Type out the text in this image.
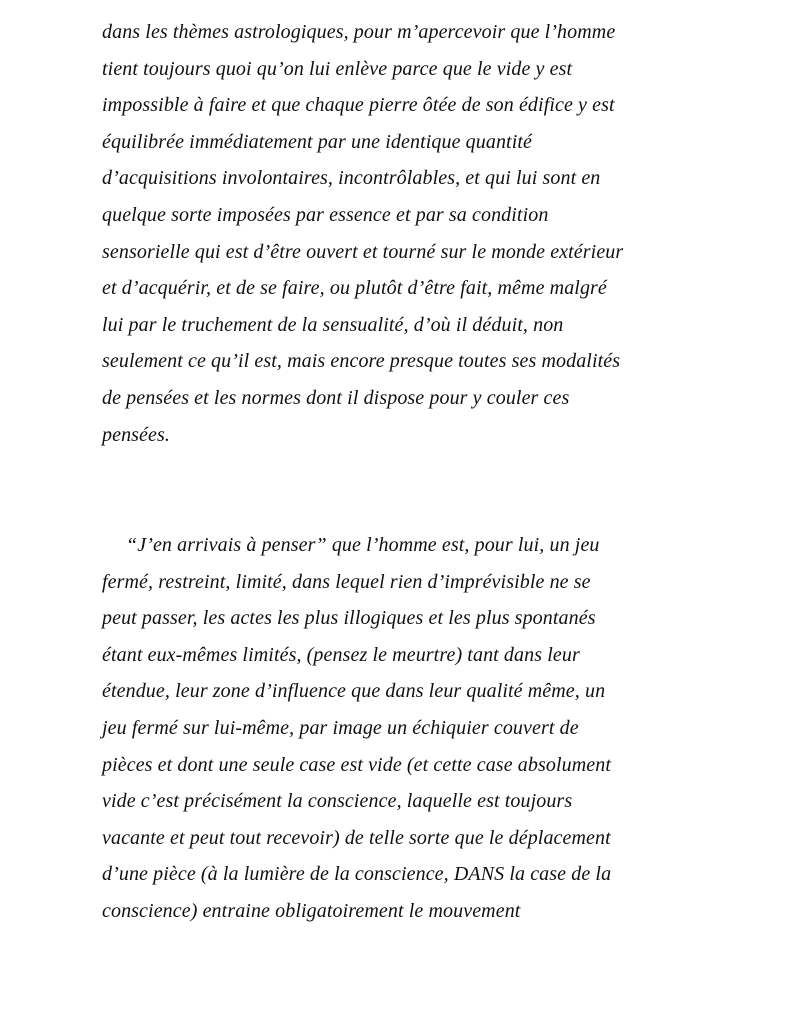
dans les thèmes astrologiques, pour m’apercevoir que l’homme
tient toujours quoi qu’on lui enlève parce que le vide y est
impossible à faire et que chaque pierre ôtée de son édifice y est
équilibrée immédiatement par une identique quantité
d’acquisitions involontaires, incontrôlables, et qui lui sont en
quelque sorte imposées par essence et par sa condition
sensorielle qui est d’être ouvert et tourné sur le monde extérieur
et d’acquérir, et de se faire, ou plutôt d’être fait, même malgré
lui par le truchement de la sensualité, d’où il déduit, non
seulement ce qu’il est, mais encore presque toutes ses modalités
de pensées et les normes dont il dispose pour y couler ces
pensées.
“J’en arrivais à penser” que l’homme est, pour lui, un jeu
fermé, restreint, limité, dans lequel rien d’imprévisible ne se
peut passer, les actes les plus illogiques et les plus spontanés
étant eux-mêmes limités, (pensez le meurtre) tant dans leur
étendue, leur zone d’influence que dans leur qualité même, un
jeu fermé sur lui-même, par image un échiquier couvert de
pièces et dont une seule case est vide (et cette case absolument
vide c’est précisément la conscience, laquelle est toujours
vacante et peut tout recevoir) de telle sorte que le déplacement
d’une pièce (à la lumière de la conscience, DANS la case de la
conscience) entraine obligatoirement le mouvement
